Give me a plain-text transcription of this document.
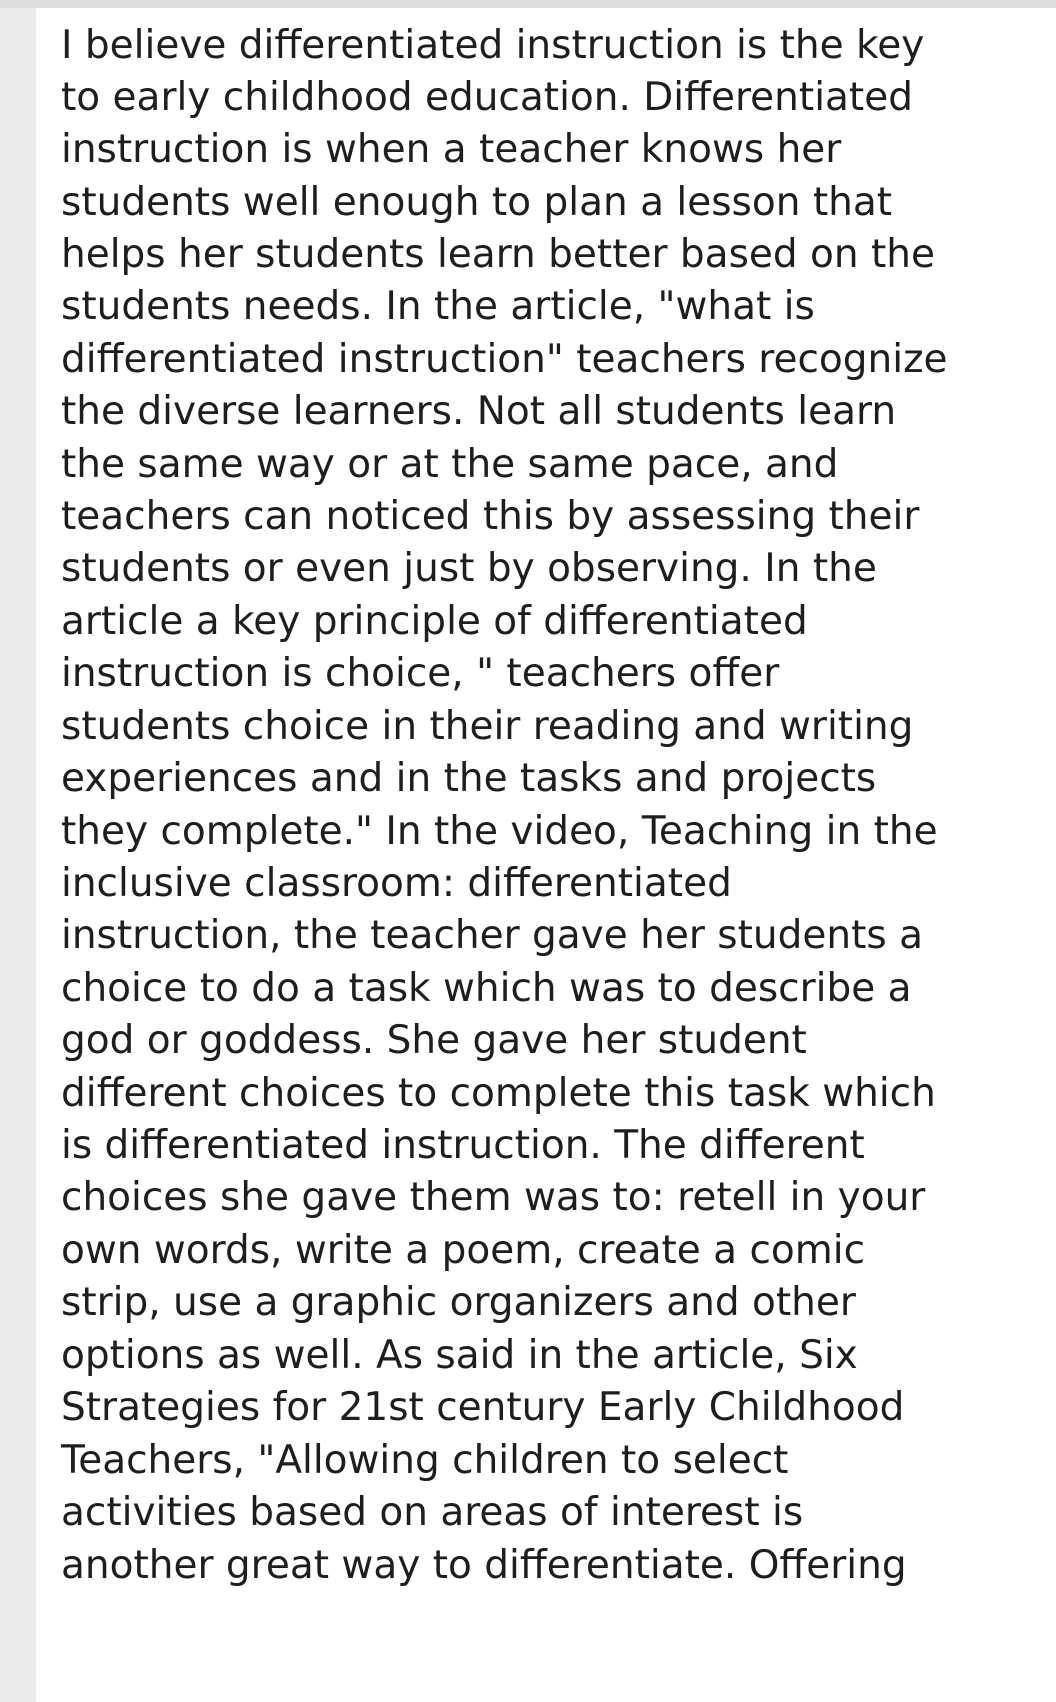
I believe differentiated instruction is the key
to early childhood education. Differentiated
instruction is when a teacher knows her
students well enough to plan a lesson that
helps her students learn better based on the
students needs. In the article, "what is
differentiated instruction" teachers recognize
the diverse learners. Not all students learn
the same way or at the same pace, and
teachers can noticed this by assessing their
students or even just by observing. In the
article a key principle of differentiated
instruction is choice, " teachers offer
students choice in their reading and writing
experiences and in the tasks and projects
they complete." In the video, Teaching in the
inclusive classroom: differentiated
instruction, the teacher gave her students a
choice to do a task which was to describe a
god or goddess. She gave her student
different choices to complete this task which
is differentiated instruction. The different
choices she gave them was to: retell in your
own words, write a poem, create a comic
strip, use a graphic organizers and other
options as well. As said in the article, Six
Strategies for 21st century Early Childhood
Teachers, "Allowing children to select
activities based on areas of interest is
another great way to differentiate. Offering
